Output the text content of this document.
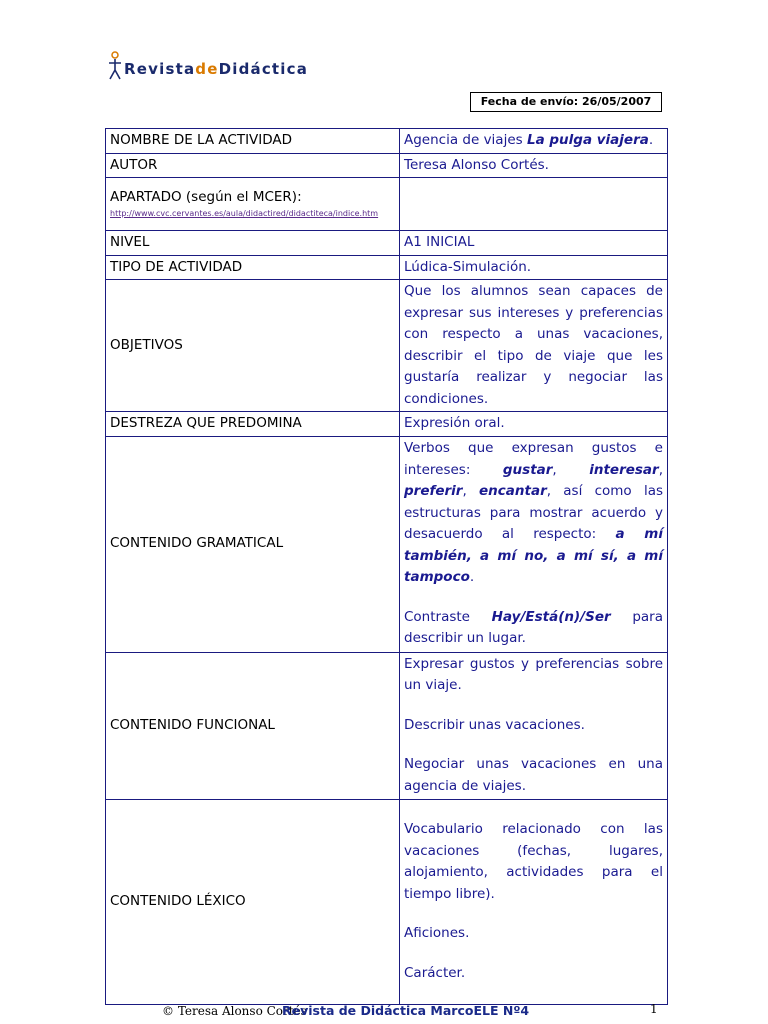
RevistadeDidáctica
Fecha de envío: 26/05/2007
NOMBRE DE LA ACTIVIDAD	Agencia de viajes La pulga viajera.
AUTOR	Teresa Alonso Cortés.

APARTADO (según el MCER):
http://www.cvc.cervantes.es/aula/didactired/didactiteca/indice.htm	

NIVEL	A1 INICIAL
TIPO DE ACTIVIDAD	Lúdica-Simulación.
OBJETIVOS	Que los alumnos sean capaces de expresar sus intereses y preferencias con respecto a unas vacaciones, describir el tipo de viaje que les gustaría realizar y negociar las condiciones.
DESTREZA QUE PREDOMINA	Expresión oral.
CONTENIDO GRAMATICAL	Verbos que expresan gustos e intereses: gustar, interesar, preferir, encantar, así como las estructuras para mostrar acuerdo y desacuerdo al respecto: a mí también, a mí no, a mí sí, a mí tampoco.

Contraste Hay/Está(n)/Ser para describir un lugar.

CONTENIDO FUNCIONAL	Expresar gustos y preferencias sobre un viaje.

Describir unas vacaciones.

Negociar unas vacaciones en una agencia de viajes.

CONTENIDO LÉXICO	Vocabulario relacionado con las vacaciones (fechas, lugares, alojamiento, actividades para el tiempo libre).

Aficiones.

Carácter.

© Teresa Alonso Cortés
Revista de Didáctica MarcoELE Nº4	1
